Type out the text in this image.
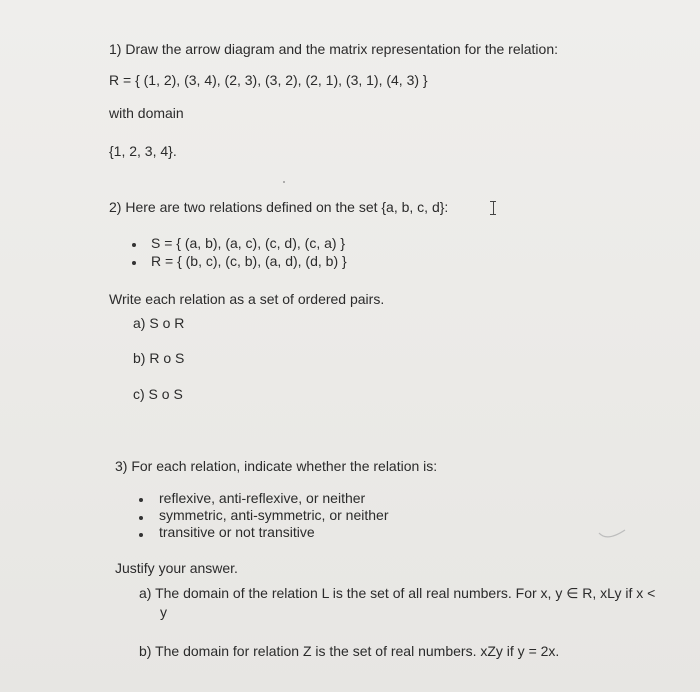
1) Draw the arrow diagram and the matrix representation for the relation:
R = { (1, 2), (3, 4), (2, 3), (3, 2), (2, 1), (3, 1), (4, 3) }
with domain
{1, 2, 3, 4}.
2) Here are two relations defined on the set {a, b, c, d}:
S = { (a, b), (a, c), (c, d), (c, a) }
R = { (b, c), (c, b), (a, d), (d, b) }
Write each relation as a set of ordered pairs.
a) S o R
b) R o S
c) S o S
3) For each relation, indicate whether the relation is:
reflexive, anti-reflexive, or neither
symmetric, anti-symmetric, or neither
transitive or not transitive
Justify your answer.
a) The domain of the relation L is the set of all real numbers. For x, y ∈ R, xLy if x <
y
b) The domain for relation Z is the set of real numbers. xZy if y = 2x.
